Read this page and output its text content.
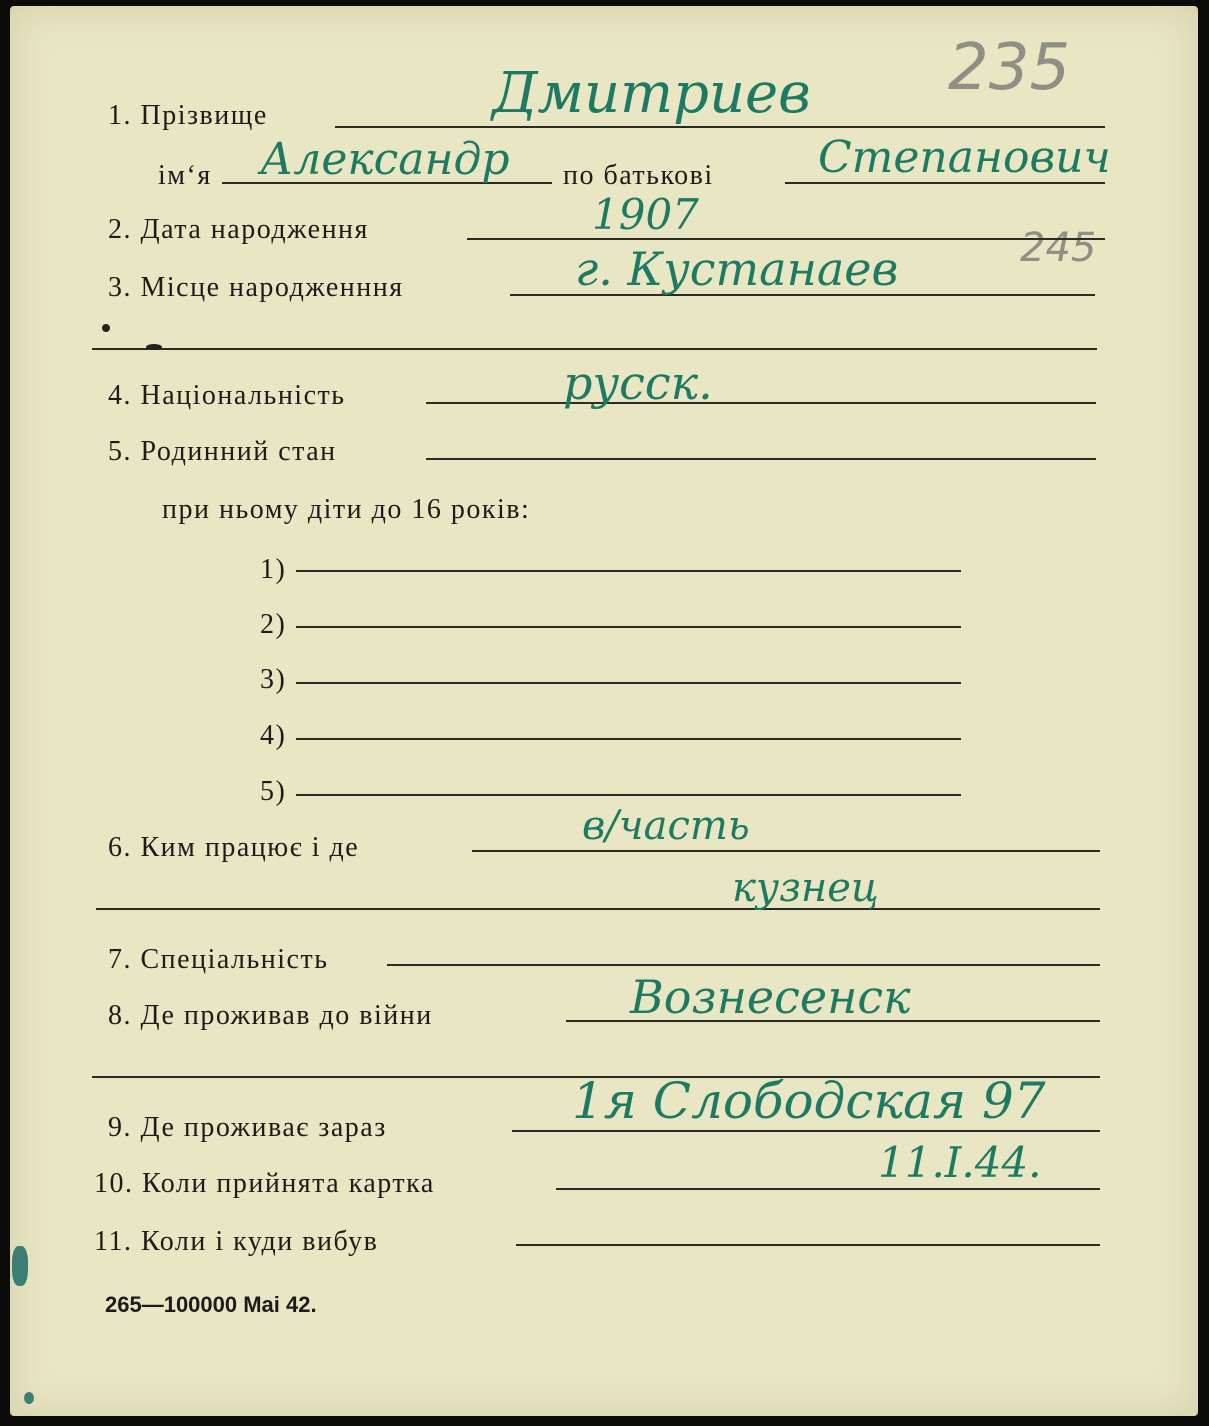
235
245
1. Прізвище	Дмитриев
імʻя Александр по батькові Степанович
2. Дата народження	1907
3. Місце народженння	г. Кустанаев
4. Національність	русск.
5. Родинний стан
при ньому діти до 16 років:
1)
2)
3)
4)
5)
6. Ким працює і де	в/часть
кузнец
7. Спеціальність
8. Де проживав до війни	Вознесенск
9. Де проживає зараз	1я Слободская 97
10. Коли прийнята картка	11.I.44.
11. Коли і куди вибув
265—100000 Mai 42.
